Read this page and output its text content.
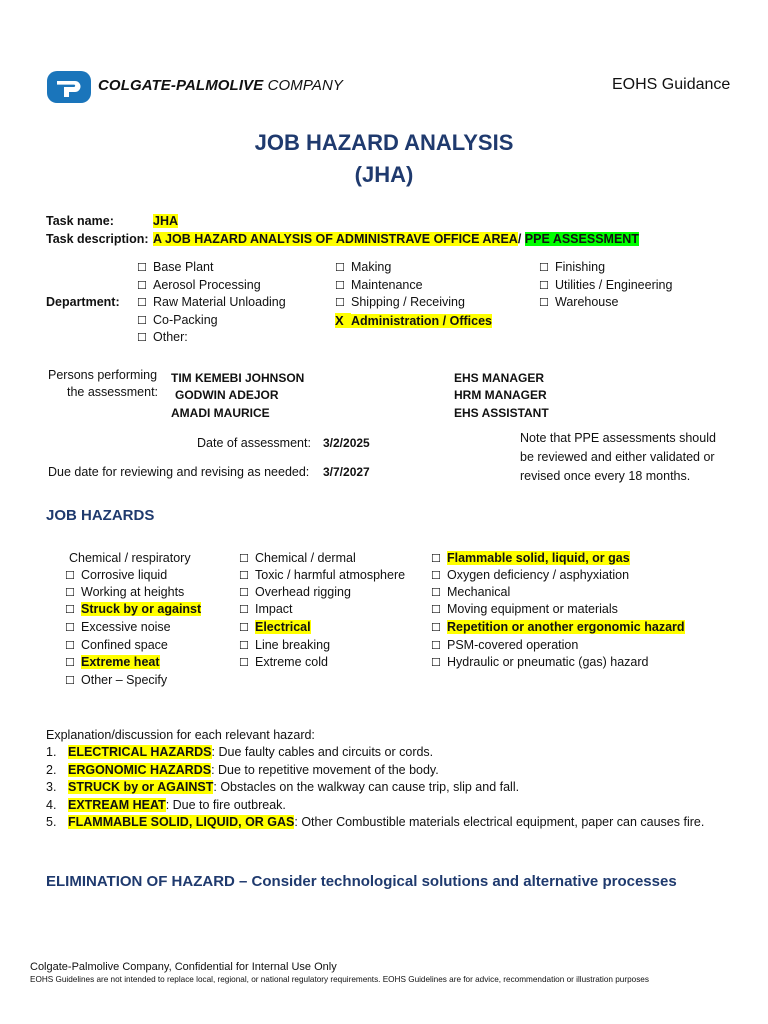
COLGATE-PALMOLIVE COMPANY	EOHS Guidance
JOB HAZARD ANALYSIS
(JHA)
Task name:	JHA
Task description: A JOB HAZARD ANALYSIS OF ADMINISTRAVE OFFICE AREA/ PPE ASSESSMENT
Department:
☐ Base Plant
☐ Aerosol Processing
☐ Raw Material Unloading
☐ Co-Packing
☐ Other:
☐ Making
☐ Maintenance
☐ Shipping / Receiving
X Administration / Offices
☐ Finishing
☐ Utilities / Engineering
☐ Warehouse
Persons performing
the assessment:
TIM KEMEBI JOHNSON
GODWIN ADEJOR
AMADI MAURICE
EHS MANAGER
HRM MANAGER
EHS ASSISTANT
Date of assessment: 3/2/2025
Due date for reviewing and revising as needed: 3/7/2027
Note that PPE assessments should
be reviewed and either validated or
revised once every 18 months.
JOB HAZARDS
Chemical / respiratory
☐ Corrosive liquid
☐ Working at heights
☐ Struck by or against
☐ Excessive noise
☐ Confined space
☐ Extreme heat
☐ Other – Specify
☐ Chemical / dermal
☐ Toxic / harmful atmosphere
☐ Overhead rigging
☐ Impact
☐ Electrical
☐ Line breaking
☐ Extreme cold
☐ Flammable solid, liquid, or gas
☐ Oxygen deficiency / asphyxiation
☐ Mechanical
☐ Moving equipment or materials
☐ Repetition or another ergonomic hazard
☐ PSM-covered operation
☐ Hydraulic or pneumatic (gas) hazard
Explanation/discussion for each relevant hazard:
1. ELECTRICAL HAZARDS: Due faulty cables and circuits or cords.
2. ERGONOMIC HAZARDS: Due to repetitive movement of the body.
3. STRUCK by or AGAINST: Obstacles on the walkway can cause trip, slip and fall.
4. EXTREAM HEAT: Due to fire outbreak.
5. FLAMMABLE SOLID, LIQUID, OR GAS: Other Combustible materials electrical equipment, paper can causes fire.
ELIMINATION OF HAZARD – Consider technological solutions and alternative processes
Colgate-Palmolive Company, Confidential for Internal Use Only
EOHS Guidelines are not intended to replace local, regional, or national regulatory requirements. EOHS Guidelines are for advice, recommendation or illustration purposes
